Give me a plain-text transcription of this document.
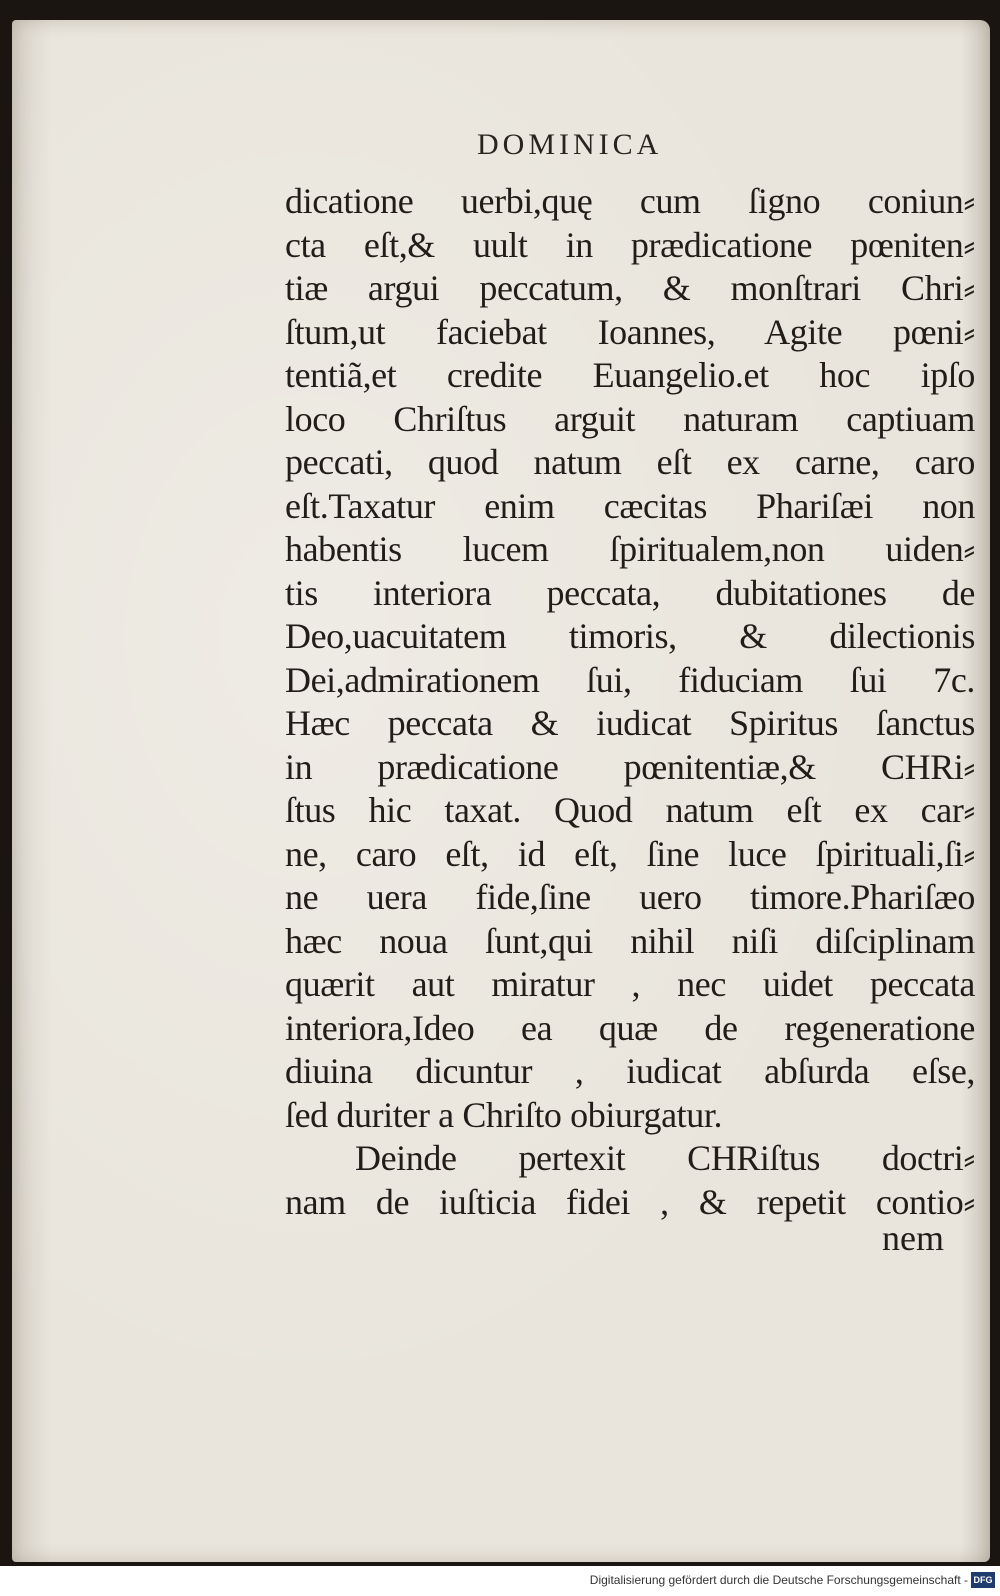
DOMINICA
dicatione uerbi,quę cum ſigno coniun⸗
cta eſt,& uult in prædicatione pœniten⸗
tiæ argui peccatum, & monſtrari Chri⸗
ſtum,ut faciebat Ioannes, Agite pœni⸗
tentiã,et credite Euangelio.et hoc ipſo
loco Chriſtus arguit naturam captiuam
peccati, quod natum eſt ex carne, caro
eſt.Taxatur enim cæcitas Phariſæi non
habentis lucem ſpiritualem,non uiden⸗
tis interiora peccata, dubitationes de
Deo,uacuitatem timoris, & dilectionis
Dei,admirationem ſui, fiduciam ſui 7c.
Hæc peccata & iudicat Spiritus ſanctus
in prædicatione pœnitentiæ,& CHRi⸗
ſtus hic taxat. Quod natum eſt ex car⸗
ne, caro eſt, id eſt, ſine luce ſpirituali,ſi⸗
ne uera fide,ſine uero timore.Phariſæo
hæc noua ſunt,qui nihil niſi diſciplinam
quærit aut miratur , nec uidet peccata
interiora,Ideo ea quæ de regeneratione
diuina dicuntur , iudicat abſurda eſse,
ſed duriter a Chriſto obiurgatur.
Deinde pertexit CHRiſtus doctri⸗
nam de iuſticia fidei , & repetit contio⸗
nem
Digitalisierung gefördert durch die Deutsche Forschungsgemeinschaft - DFG
